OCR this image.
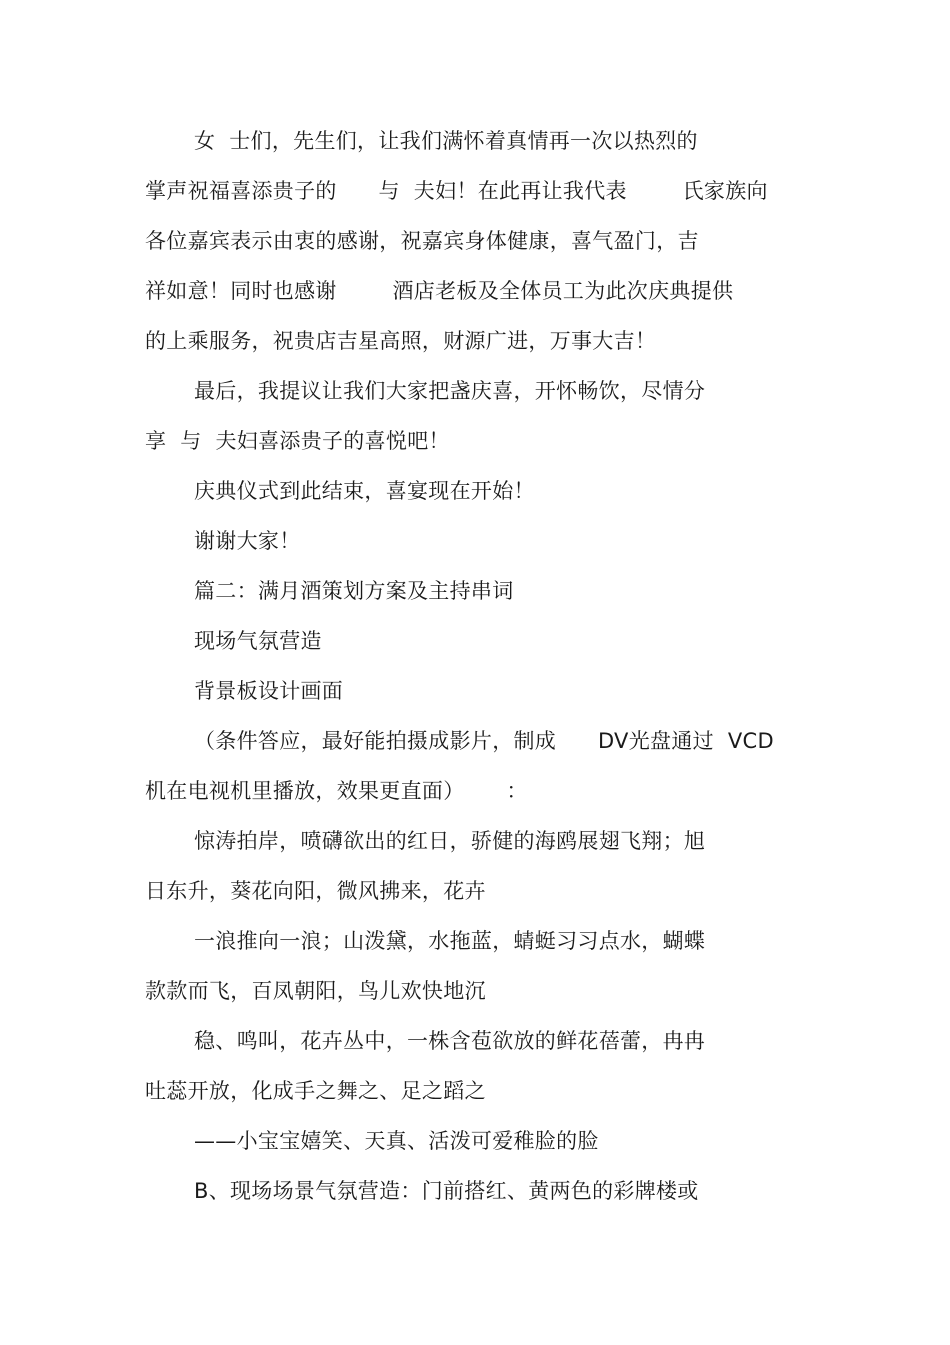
女  士们，先生们，让我们满怀着真情再一次以热烈的
掌声祝福喜添贵子的      与  夫妇！在此再让我代表        氏家族向
各位嘉宾表示由衷的感谢，祝嘉宾身体健康，喜气盈门，吉
祥如意！同时也感谢        酒店老板及全体员工为此次庆典提供
的上乘服务，祝贵店吉星高照，财源广进，万事大吉！
最后，我提议让我们大家把盏庆喜，开怀畅饮，尽情分
享  与  夫妇喜添贵子的喜悦吧！
庆典仪式到此结束，喜宴现在开始！
谢谢大家！
篇二：满月酒策划方案及主持串词
现场气氛营造
背景板设计画面
（条件答应，最好能拍摄成影片，制成      DV光盘通过  VCD
机在电视机里播放，效果更直面）      ：
惊涛拍岸，喷礴欲出的红日，骄健的海鸥展翅飞翔；旭
日东升，葵花向阳，微风拂来，花卉
一浪推向一浪；山泼黛，水拖蓝，蜻蜓习习点水，蝴蝶
款款而飞，百凤朝阳，鸟儿欢快地沉
稳、鸣叫，花卉丛中，一株含苞欲放的鲜花蓓蕾，冉冉
吐蕊开放，化成手之舞之、足之蹈之
——小宝宝嬉笑、天真、活泼可爱稚脸的脸
B、现场场景气氛营造：门前搭红、黄两色的彩牌楼或
